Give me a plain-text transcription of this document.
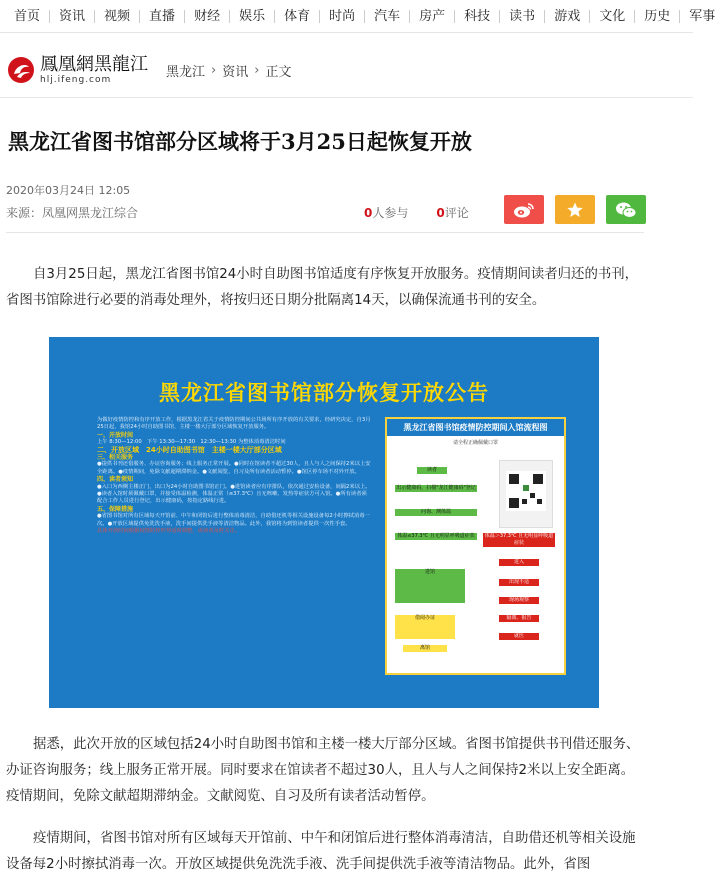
首页	资讯	视频	直播	财经	娱乐	体育	时尚	汽车	房产	科技	读书	游戏	文化	历史	军事
鳳凰網黑龍江
hlj.ifeng.com
黑龙江 › 资讯 › 正文
黑龙江省图书馆部分区域将于3月25日起恢复开放
2020年03月24日 12:05
来源：凤凰网黑龙江综合	0人参与 0评论

自3月25日起，黑龙江省图书馆24小时自助图书馆适度有序恢复开放服务。疫情期间读者归还的书刊，省图书馆除进行必要的消毒处理外，将按归还日期分批隔离14天，以确保流通书刊的安全。

黑龙江省图书馆部分恢复开放公告
为做好疫情防控和有序开放工作，根据黑龙江省关于疫情防控期间公共场所有序开放的有关要求，经研究决定，自3月25日起，我馆24小时自助图书馆、主楼一楼大厅部分区域恢复开放服务。
一、开放时间
上午 8:30—12:00　下午 13:30—17:30　12:30—13:30 为整体消毒清洁时间
二、开放区域　24小时自助图书馆　主楼一楼大厅部分区域
三、相关服务
●提供书刊还借服务、办证咨询服务；线上服务正常开展。●同时在馆读者不超过30人，且人与人之间保持2米以上安全距离。●疫情期间，免除文献超期滞纳金。●文献阅览、自习及所有读者活动暂停。●馆区停车场不对外开放。
四、读者须知
●入口为西侧主楼正门，出口为24小时自助图书馆正门。●进馆读者应有序排队，依次通过安检设备，间隔2米以上。●读者入馆时须佩戴口罩，并接受体温检测，体温正常（≤37.3℃）且无咳嗽、发热等症状方可入馆。●所有读者须配合工作人员进行登记，出示健康码，按指定路线行进。
五、保障措施
●省图书馆对所有区域每天开馆前、中午和闭馆后进行整体消毒清洁，自助借还机等相关设施设备每2小时擦拭消毒一次。●开放区域提供免洗洗手液，洗手间提供洗手液等清洁物品。此外，我馆将为到馆读者提供一次性手套。
具体开放时间根据疫情防控形势适时调整，请读者及时关注。
黑龙江省图书馆疫情防控期间入馆流程图
请全程正确佩戴口罩
读者
出示健康码，扫描"龙江健康码"登记
问询、测体温
体温≤37.3℃ 且无明显呼吸道症状	体温＞37.3℃ 且无明显呼吸道症状
进入
进馆
出现不适
现场观察
借阅办证	隔离、报告
就医
离馆

据悉，此次开放的区域包括24小时自助图书馆和主楼一楼大厅部分区域。省图书馆提供书刊借还服务、办证咨询服务；线上服务正常开展。同时要求在馆读者不超过30人，且人与人之间保持2米以上安全距离。疫情期间，免除文献超期滞纳金。文献阅览、自习及所有读者活动暂停。

疫情期间，省图书馆对所有区域每天开馆前、中午和闭馆后进行整体消毒清洁，自助借还机等相关设施设备每2小时擦拭消毒一次。开放区域提供免洗洗手液、洗手间提供洗手液等清洁物品。此外，省图
